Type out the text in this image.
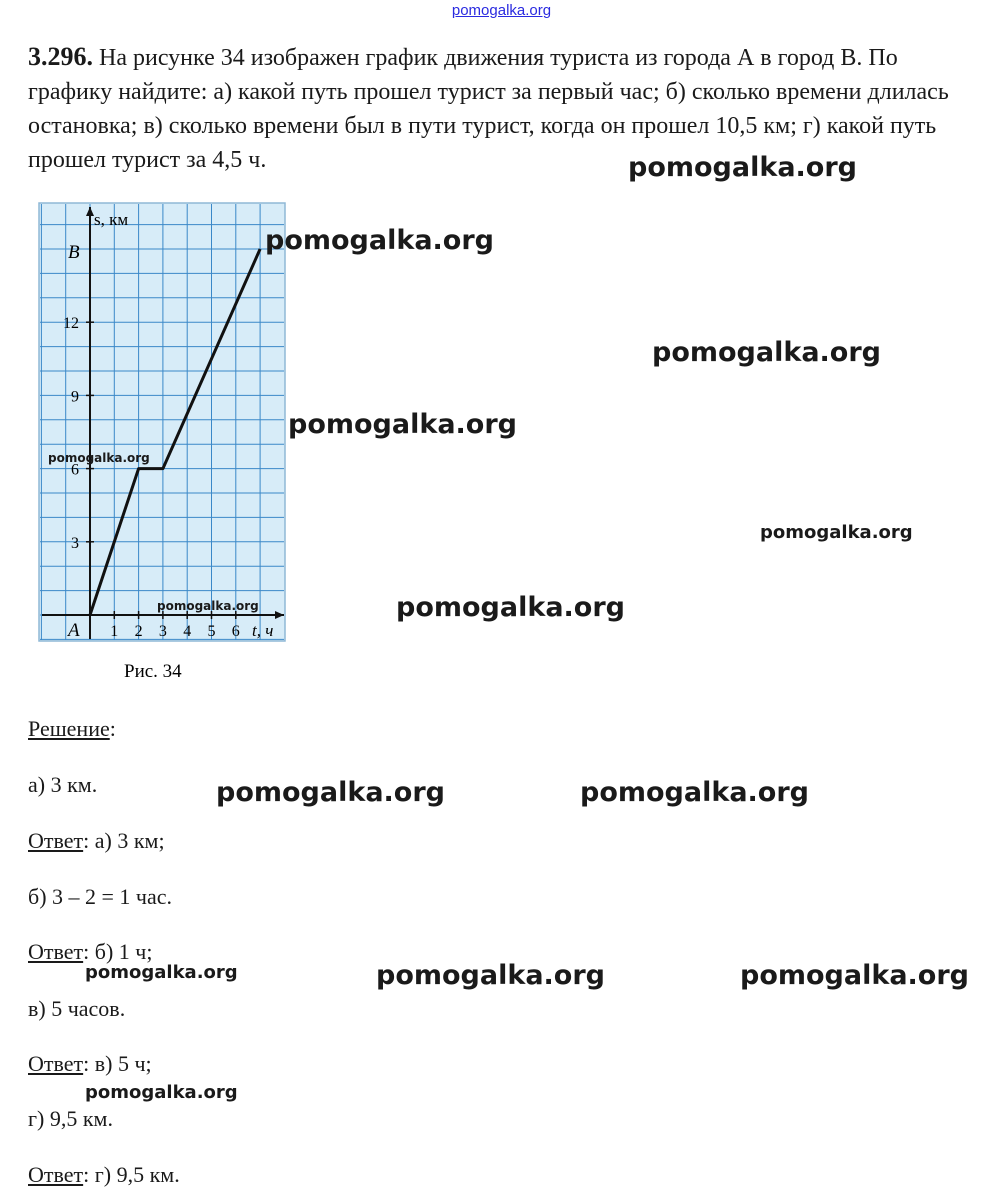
pomogalka.org
3.296. На рисунке 34 изображен график движения туриста из города А в город В. По графику найдите: а) какой путь прошел турист за первый час; б) сколько времени длилась остановка; в) сколько времени был в пути турист, когда он прошел 10,5 км; г) какой путь прошел турист за 4,5 ч.
1 2 3 4 5 6
3
6
9
12
s, км
t, ч
A
B
Рис. 34
Решение:
а) 3 км.
Ответ: а) 3 км;
б) 3 – 2 = 1 час.
Ответ: б) 1 ч;
в) 5 часов.
Ответ: в) 5 ч;
г) 9,5 км.
Ответ: г) 9,5 км.
pomogalka.org
pomogalka.org
pomogalka.org
pomogalka.org
pomogalka.org
pomogalka.org
pomogalka.org	pomogalka.org
pomogalka.org	pomogalka.org
pomogalka.org	pomogalka.org	pomogalka.org
pomogalka.org
